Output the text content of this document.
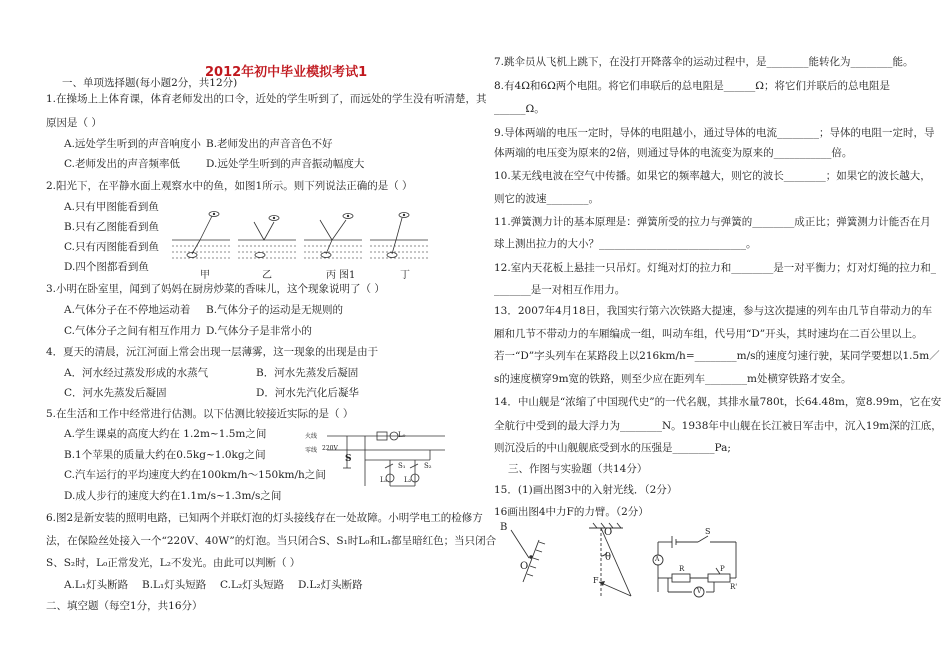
2012年初中毕业模拟考试1
一、单项选择题(每小题2分，共12分)
1.在操场上上体育课，体育老师发出的口令，近处的学生听到了，而远处的学生没有听清楚，其
原因是（ ）
A.远处学生听到的声音响度小 B.老师发出的声音音色不好
C.老师发出的声音频率低 D.远处学生听到的声音振动幅度大
2.阳光下，在平静水面上观察水中的鱼，如图1所示。则下列说法正确的是（ ）
A.只有甲图能看到鱼
B.只有乙图能看到鱼
C.只有丙图能看到鱼
D.四个图都看到鱼
甲	乙	丙 图1	丁
3.小明在卧室里，闻到了妈妈在厨房炒菜的香味儿，这个现象说明了（ ）
A.气体分子在不停地运动着 B.气体分子的运动是无规则的
C.气体分子之间有相互作用力 D.气体分子是非常小的
4．夏天的清晨，沅江河面上常会出现一层薄雾，这一现象的出现是由于
A．河水经过蒸发形成的水蒸气	B．河水先蒸发后凝固
C．河水先蒸发后凝固	D．河水先汽化后凝华
5.在生活和工作中经常进行估测。以下估测比较接近实际的是（ ）
A.学生课桌的高度大约在 1.2m~1.5m之间
B.1个苹果的质量大约在0.5kg~1.0kg之间
C.汽车运行的平均速度大约在100km/h～150km/h之间
D.成人步行的速度大约在1.1m/s~1.3m/s之间
火线
零线 220V
S
L₀
S₁	S₂
L₁ L₂
6.图2是新安装的照明电路，已知两个并联灯泡的灯头接线存在一处故障。小明学电工的检修方
法，在保险丝处接入一个“220V、40W”的灯泡。当只闭合S、S₁时L₀和L₁都呈暗红色；当只闭合
S、S₂时，L₀正常发光，L₂不发光。由此可以判断（ ）
A.L₁灯头断路 B.L₁灯头短路 C.L₂灯头短路 D.L₂灯头断路
二、填空题（每空1分，共16分）
7.跳伞员从飞机上跳下，在没打开降落伞的运动过程中，是________能转化为________能。
8.有4Ω和6Ω两个电阻。将它们串联后的总电阻是______Ω；将它们并联后的总电阻是
______Ω。
9.导体两端的电压一定时，导体的电阻越小，通过导体的电流________；导体的电阻一定时，导
体两端的电压变为原来的2倍，则通过导体的电流变为原来的___________倍。
10.某无线电波在空气中传播。如果它的频率越大，则它的波长________；如果它的波长越大，
则它的波速________。
11.弹簧测力计的基本原理是：弹簧所受的拉力与弹簧的________成正比；弹簧测力计能否在月
球上测出拉力的大小？____________________________。
12.室内天花板上悬挂一只吊灯。灯绳对灯的拉力和________是一对平衡力；灯对灯绳的拉力和_
_______是一对相互作用力。
13．2007年4月18日，我国实行第六次铁路大提速，参与这次提速的列车由几节自带动力的车
厢和几节不带动力的车厢编成一组，叫动车组，代号用“D”开头，其时速均在二百公里以上。
若一“D”字头列车在某路段上以216km/h=________m/s的速度匀速行驶，某同学要想以1.5m／
s的速度横穿9m宽的铁路，则至少应在距列车________m处横穿铁路才安全。
14．中山舰是“浓缩了中国现代史”的一代名舰，其排水量780t，长64.48m，宽8.99m，它在安
全航行中受到的最大浮力为________N。1938年中山舰在长江被日军击中，沉入19m深的江底，
则沉没后的中山舰舰底受到水的压强是________Pa;
三、作图与实验题（共14分）
15．(1)画出图3中的入射光线．（2分）
16画出图4中力F的力臂。（2分）
B
O
O
θ
F
A
V
S
R	P
R'
